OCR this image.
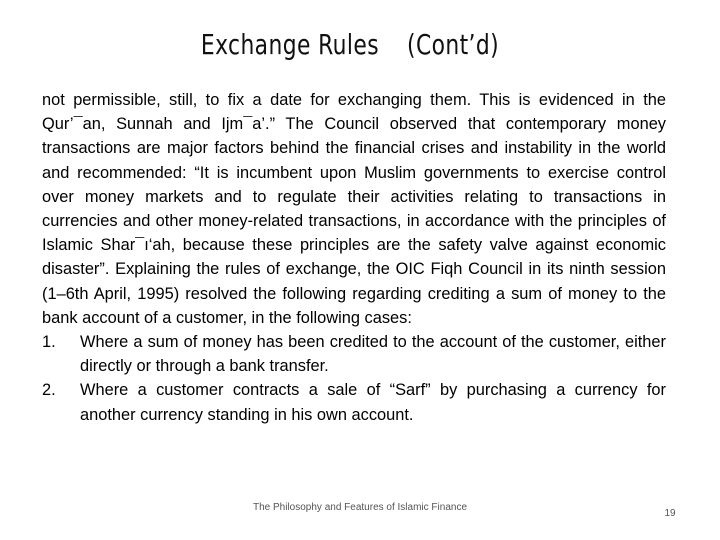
Exchange Rules (Cont’d)

not permissible, still, to fix a date for exchanging them. This is evidenced in the Qur’¯an, Sunnah and Ijm¯a’.” The Council observed that contemporary money transactions are major factors behind the financial crises and instability in the world and recommended: “It is incumbent upon Muslim governments to exercise control over money markets and to regulate their activities relating to transactions in currencies and other money-related transactions, in accordance with the principles of Islamic Shar¯ı‘ah, because these principles are the safety valve against economic disaster”. Explaining the rules of exchange, the OIC Fiqh Council in its ninth session (1–6th April, 1995) resolved the following regarding crediting a sum of money to the bank account of a customer, in the following cases:

1. Where a sum of money has been credited to the account of the customer, either directly or through a bank transfer.
2. Where a customer contracts a sale of “Sarf” by purchasing a currency for another currency standing in his own account.
The Philosophy and Features of Islamic Finance
19
